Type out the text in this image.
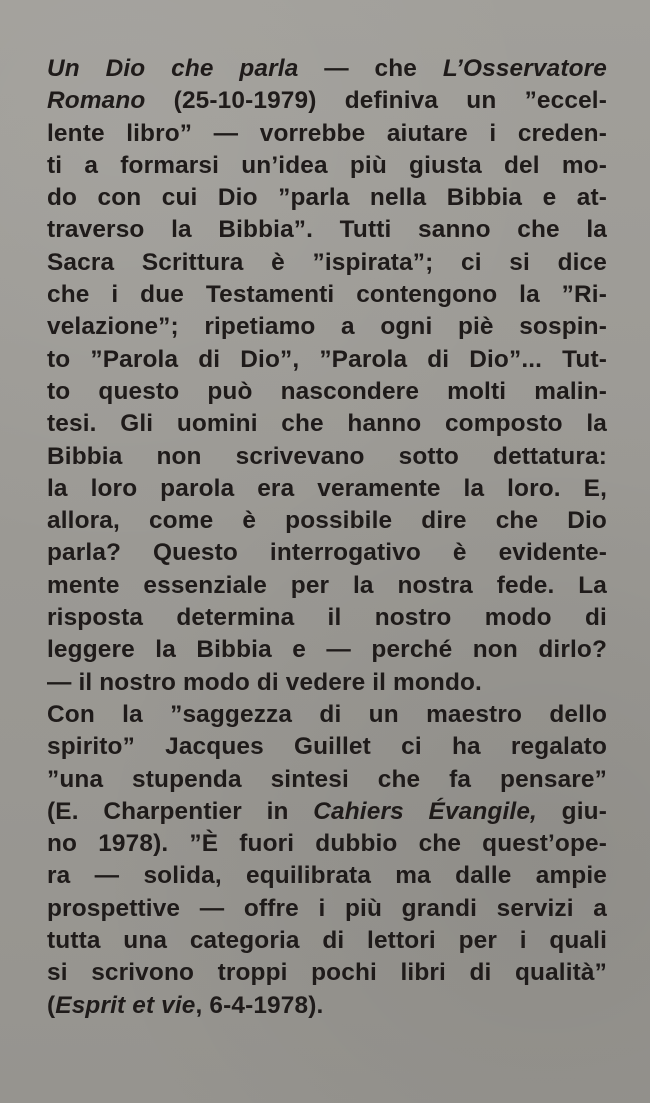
Un Dio che parla — che L’Osservatore
Romano (25-10-1979) definiva un ”eccel-
lente libro” — vorrebbe aiutare i creden-
ti a formarsi un’idea più giusta del mo-
do con cui Dio ”parla nella Bibbia e at-
traverso la Bibbia”. Tutti sanno che la
Sacra Scrittura è ”ispirata”; ci si dice
che i due Testamenti contengono la ”Ri-
velazione”; ripetiamo a ogni piè sospin-
to ”Parola di Dio”, ”Parola di Dio”... Tut-
to questo può nascondere molti malin-
tesi. Gli uomini che hanno composto la
Bibbia non scrivevano sotto dettatura:
la loro parola era veramente la loro. E,
allora, come è possibile dire che Dio
parla? Questo interrogativo è evidente-
mente essenziale per la nostra fede. La
risposta determina il nostro modo di
leggere la Bibbia e — perché non dirlo?
— il nostro modo di vedere il mondo.
Con la ”saggezza di un maestro dello
spirito” Jacques Guillet ci ha regalato
”una stupenda sintesi che fa pensare”
(E. Charpentier in Cahiers Évangile, giu-
no 1978). ”È fuori dubbio che quest’ope-
ra — solida, equilibrata ma dalle ampie
prospettive — offre i più grandi servizi a
tutta una categoria di lettori per i quali
si scrivono troppi pochi libri di qualità”
(Esprit et vie, 6-4-1978).
